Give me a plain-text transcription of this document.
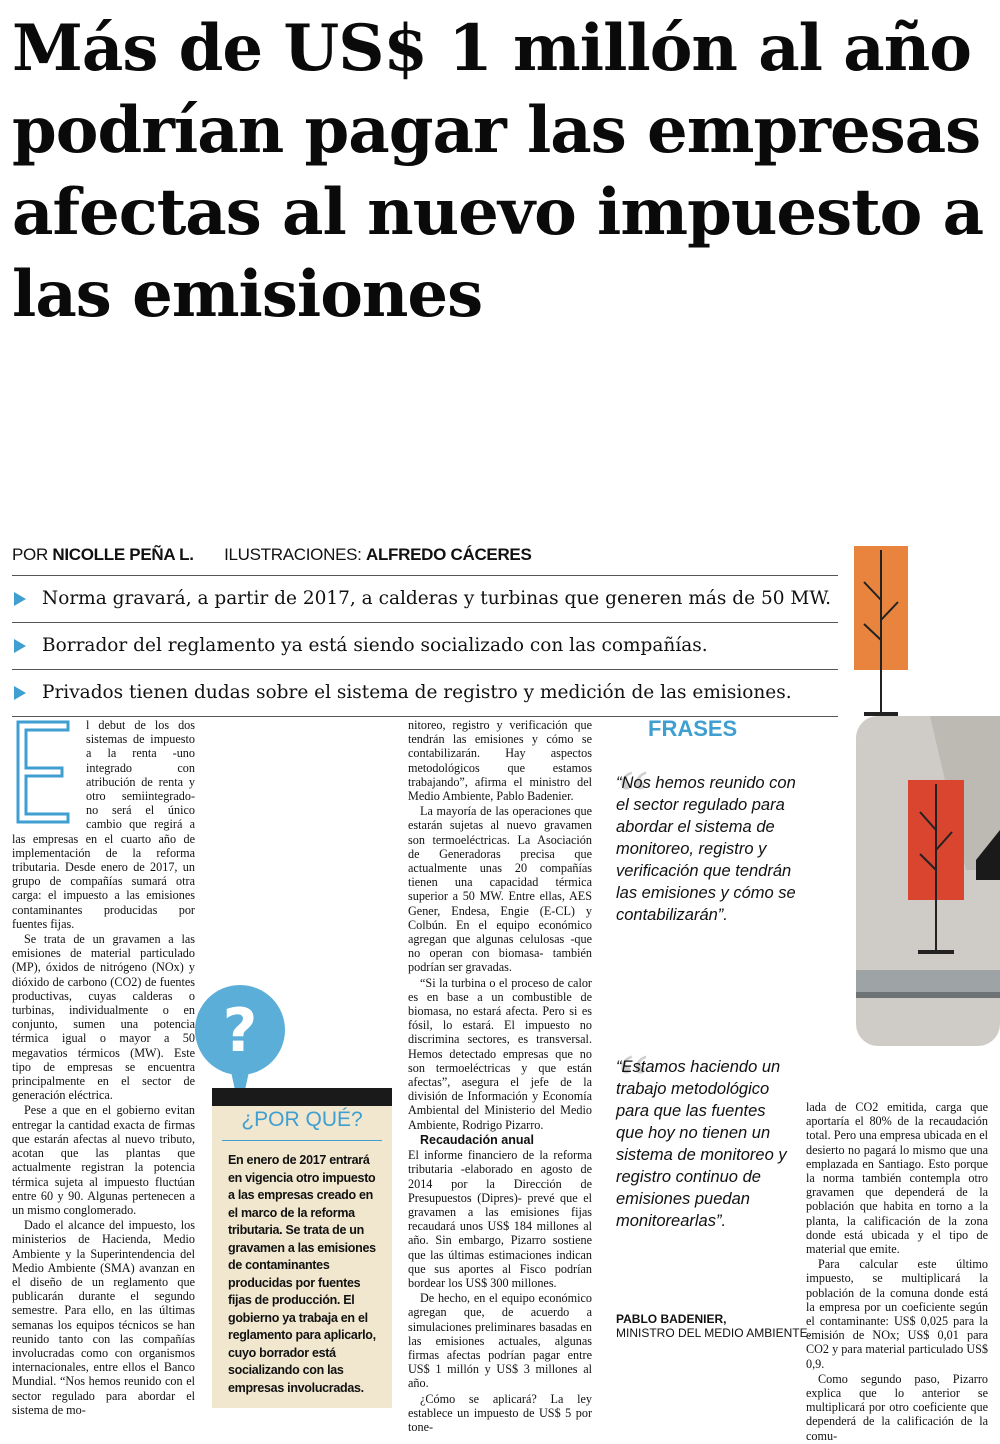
Más de US$ 1 millón al año podrían pagar las empresas afectas al nuevo impuesto a las emisiones
POR NICOLLE PEÑA L. ILUSTRACIONES: ALFREDO CÁCERES
Norma gravará, a partir de 2017, a calderas y turbinas que generen más de 50 MW.
Borrador del reglamento ya está siendo socializado con las compañías.
Privados tienen dudas sobre el sistema de registro y medición de las emisiones.

l debut de los dos sistemas de impuesto a la renta -uno integrado con atribución de renta y otro semiintegrado- no será el único cambio que regirá a las empresas en el cuarto año de implementación de la reforma tributaria. Desde enero de 2017, un grupo de compañías sumará otra carga: el impuesto a las emisiones contaminantes producidas por fuentes fijas.

Se trata de un gravamen a las emisiones de material particulado (MP), óxidos de nitrógeno (NOx) y dióxido de carbono (CO2) de fuentes productivas, cuyas calderas o turbinas, individualmente o en conjunto, sumen una potencia térmica igual o mayor a 50 megavatios térmicos (MW). Este tipo de empresas se encuentra principalmente en el sector de generación eléctrica.

Pese a que en el gobierno evitan entregar la cantidad exacta de firmas que estarán afectas al nuevo tributo, acotan que las plantas que actualmente registran la potencia térmica sujeta al impuesto fluctúan entre 60 y 90. Algunas pertenecen a un mismo conglomerado.

Dado el alcance del impuesto, los ministerios de Hacienda, Medio Ambiente y la Superintendencia del Medio Ambiente (SMA) avanzan en el diseño de un reglamento que publicarán durante el segundo semestre. Para ello, en las últimas semanas los equipos técnicos se han reunido tanto con las compañías involucradas como con organismos internacionales, entre ellos el Banco Mundial. “Nos hemos reunido con el sector regulado para abordar el sistema de mo-

?
¿POR QUÉ?
En enero de 2017 entrará en vigencia otro impuesto a las empresas creado en el marco de la reforma tributaria. Se trata de un gravamen a las emisiones de contaminantes producidas por fuentes fijas de producción. El gobierno ya trabaja en el reglamento para aplicarlo, cuyo borrador está socializando con las empresas involucradas.

nitoreo, registro y verificación que tendrán las emisiones y cómo se contabilizarán. Hay aspectos metodológicos que estamos trabajando”, afirma el ministro del Medio Ambiente, Pablo Badenier.

La mayoría de las operaciones que estarán sujetas al nuevo gravamen son termoeléctricas. La Asociación de Generadoras precisa que actualmente unas 20 compañías tienen una capacidad térmica superior a 50 MW. Entre ellas, AES Gener, Endesa, Engie (E-CL) y Colbún. En el equipo económico agregan que algunas celulosas -que no operan con biomasa- también podrían ser gravadas.

“Si la turbina o el proceso de calor es en base a un combustible de biomasa, no estará afecta. Pero si es fósil, lo estará. El impuesto no discrimina sectores, es transversal. Hemos detectado empresas que no son termoeléctricas y que están afectas”, asegura el jefe de la división de Información y Economía Ambiental del Ministerio del Medio Ambiente, Rodrigo Pizarro.

Recaudación anual

El informe financiero de la reforma tributaria -elaborado en agosto de 2014 por la Dirección de Presupuestos (Dipres)- prevé que el gravamen a las emisiones fijas recaudará unos US$ 184 millones al año. Sin embargo, Pizarro sostiene que las últimas estimaciones indican que sus aportes al Fisco podrían bordear los US$ 300 millones.

De hecho, en el equipo económico agregan que, de acuerdo a simulaciones preliminares basadas en las emisiones actuales, algunas firmas afectas podrían pagar entre US$ 1 millón y US$ 3 millones al año.

¿Cómo se aplicará? La ley establece un impuesto de US$ 5 por tone-

FRASES
“
“Nos hemos reunido con el sector regulado para abordar el sistema de monitoreo, registro y verificación que tendrán las emisiones y cómo se contabilizarán”.
“
“Estamos haciendo un trabajo metodológico para que las fuentes que hoy no tienen un sistema de monitoreo y registro continuo de emisiones puedan monitorearlas”.
PABLO BADENIER,
MINISTRO DEL MEDIO AMBIENTE.

lada de CO2 emitida, carga que aportaría el 80% de la recaudación total. Pero una empresa ubicada en el desierto no pagará lo mismo que una emplazada en Santiago. Esto porque la norma también contempla otro gravamen que dependerá de la población que habita en torno a la planta, la calificación de la zona donde está ubicada y el tipo de material que emite.

Para calcular este último impuesto, se multiplicará la población de la comuna donde está la empresa por un coeficiente según el contaminante: US$ 0,025 para la emisión de NOx; US$ 0,01 para CO2 y para material particulado US$ 0,9.

Como segundo paso, Pizarro explica que lo anterior se multiplicará por otro coeficiente que dependerá de la calificación de la comu-
